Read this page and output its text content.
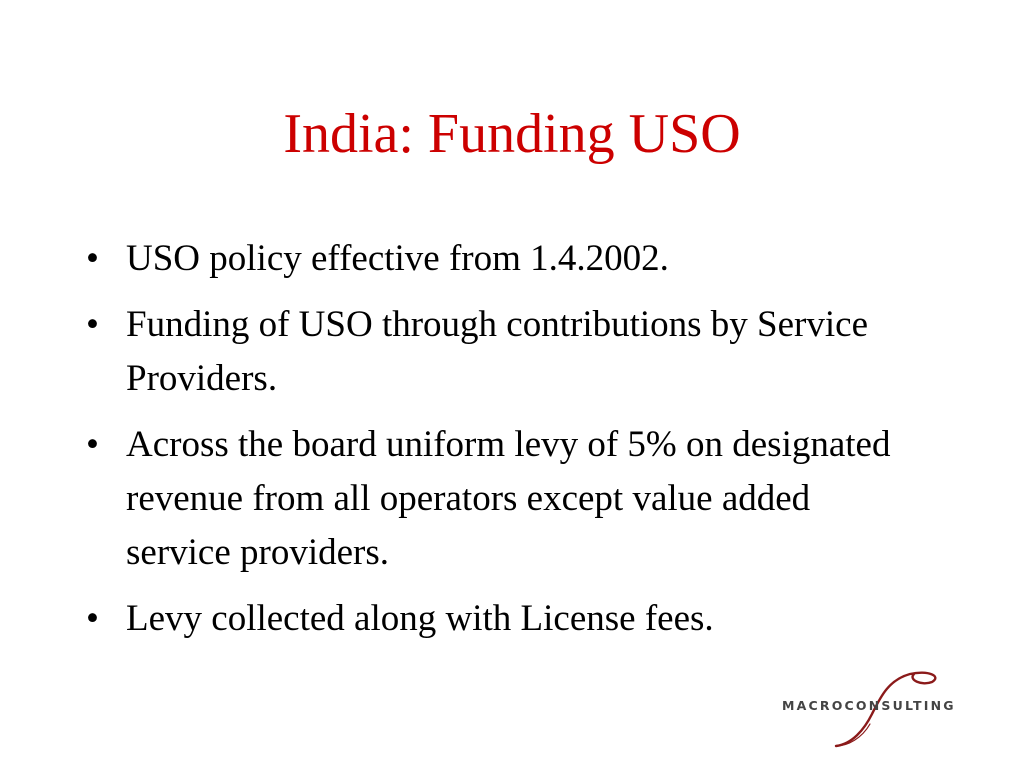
India: Funding USO
• USO policy effective from 1.4.2002.
• Funding of USO through contributions by Service Providers.
• Across the board uniform levy of 5% on designated revenue from all operators except value added service providers.
• Levy collected along with License fees.
MACROCONSULTING
